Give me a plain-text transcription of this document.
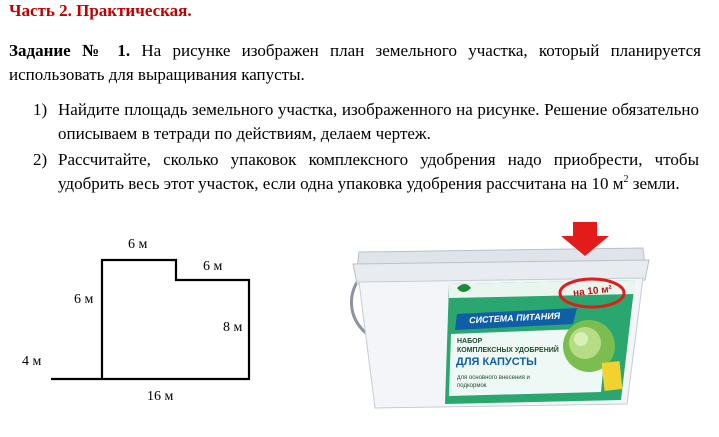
Часть 2. Практическая.
Задание № 1. На рисунке изображен план земельного участка, который планируется использовать для выращивания капусты.
1) Найдите площадь земельного участка, изображенного на рисунке. Решение обязательно описываем в тетради по действиям, делаем чертеж.
2) Рассчитайте, сколько упаковок комплексного удобрения надо приобрести, чтобы удобрить весь этот участок, если одна упаковка удобрения рассчитана на 10 $м^2$ земли.
6 м
6 м
6 м
8 м
4 м
16 м
на 10 м²
СИСТЕМА ПИТАНИЯ
НАБОР
КОМПЛЕКСНЫХ УДОБРЕНИЙ
ДЛЯ КАПУСТЫ
для основного внесения и
подкормок
